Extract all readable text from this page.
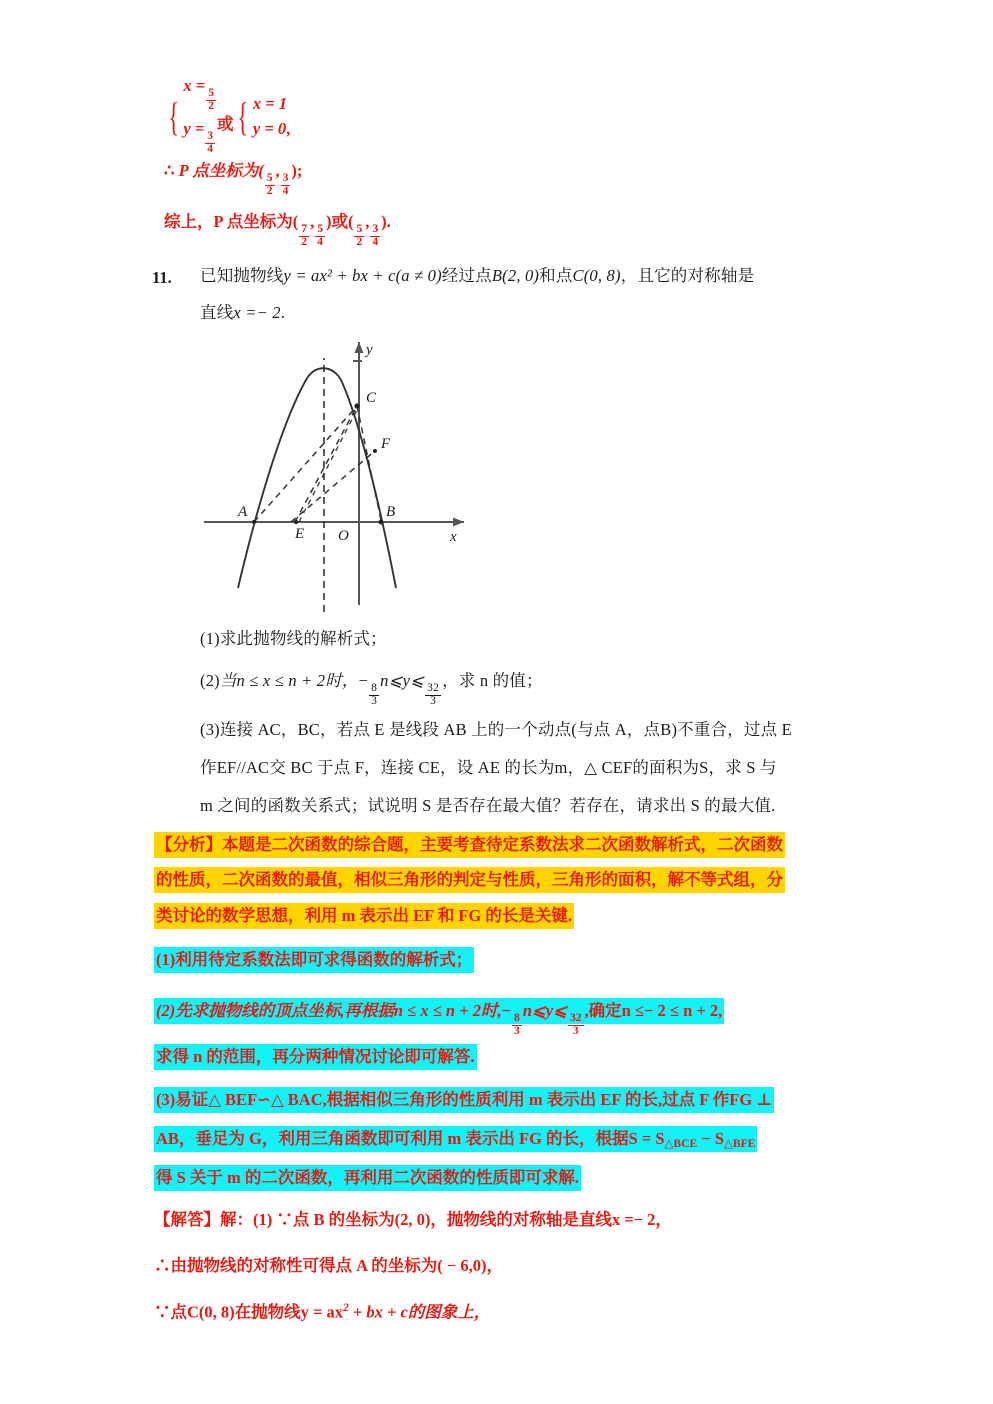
{
x =
$\frac{5}{2}$
y =
$\frac{3}{4}$
或 { x = 1
y = 0,
∴ P 点坐标为(
$\frac{5}{2}$
,
$\frac{3}{4}$
);
综上，P 点坐标为(
$\frac{7}{2}$
,
$\frac{5}{4}$
)或(
$\frac{5}{2}$
,
$\frac{3}{4}$
).
11. 已知抛物线y = ax² + bx + c(a ≠ 0)经过点B(2, 0)和点C(0, 8)，且它的对称轴是
直线x =− 2.
A	B
C
E
F
O	x
y
(1)求此抛物线的解析式；
(2)当n ≤ x ≤ n + 2时，−
$\frac{8}{3}$
n⩽y⩽
$\frac{32}{3}$
，求 n 的值；
(3)连接 AC，BC，若点 E 是线段 AB 上的一个动点(与点 A，点B)不重合，过点 E
作EF//AC交 BC 于点 F，连接 CE，设 AE 的长为m，△ CEF的面积为S，求 S 与
m 之间的函数关系式；试说明 S 是否存在最大值？若存在，请求出 S 的最大值.
【分析】本题是二次函数的综合题，主要考查待定系数法求二次函数解析式，二次函数
的性质，二次函数的最值，相似三角形的判定与性质，三角形的面积，解不等式组，分
类讨论的数学思想，利用 m 表示出 EF 和 FG 的长是关键.
(1)利用待定系数法即可求得函数的解析式；
(2)先求抛物线的顶点坐标,再根据n ≤ x ≤ n + 2时,−
$\frac{8}{3}$
n⩽y⩽
$\frac{32}{3}$
,确定n ≤− 2 ≤ n + 2,
求得 n 的范围，再分两种情况讨论即可解答.
(3)易证△ BEF∽△ BAC,根据相似三角形的性质利用 m 表示出 EF 的长,过点 F 作FG ⊥
AB，垂足为 G，利用三角函数即可利用 m 表示出 FG 的长，根据$S = S_{\triangle BCE} - S_{\triangle BFE}$
得 S 关于 m 的二次函数，再利用二次函数的性质即可求解.
【解答】解：(1) ∵点 B 的坐标为(2, 0)，抛物线的对称轴是直线x =− 2，
∴由抛物线的对称性可得点 A 的坐标为( − 6,0)，
∵点C(0, 8)在抛物线$y = ax^2$ + bx + c的图象上，
